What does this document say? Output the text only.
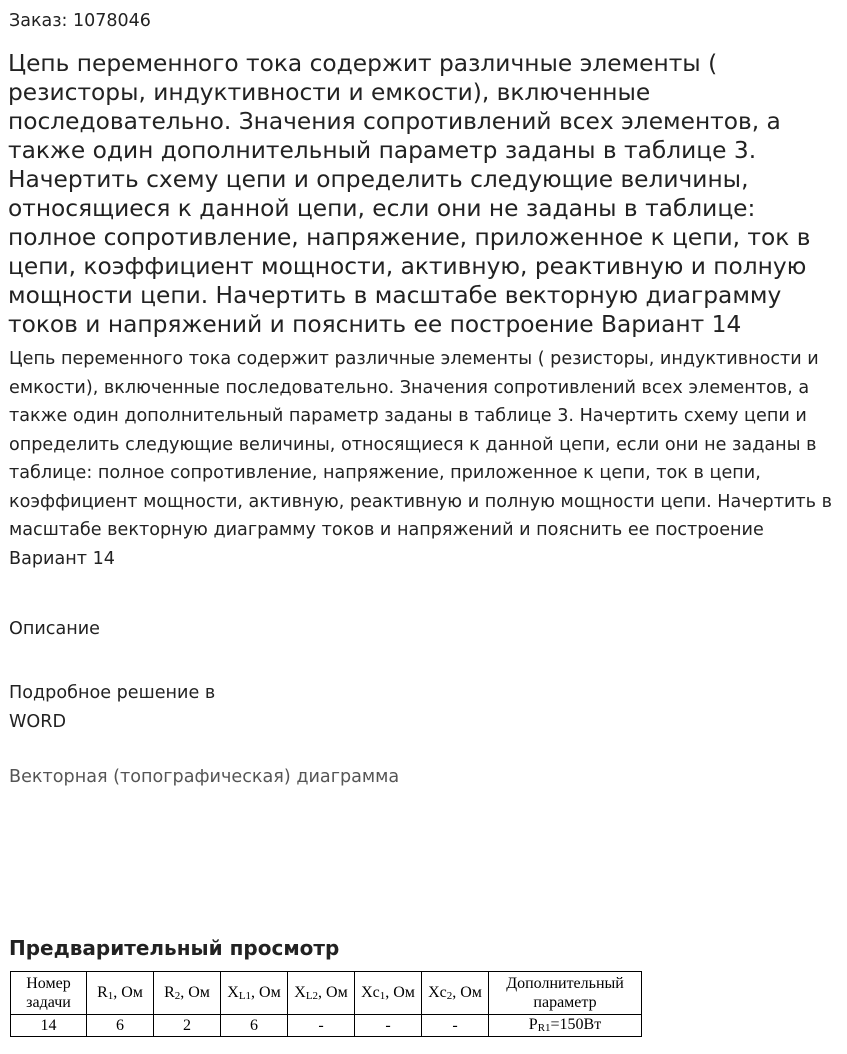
Заказ: 1078046

Цепь переменного тока содержит различные элементы ( резисторы, индуктивности и емкости), включенные последовательно. Значения сопротивлений всех элементов, а также один дополнительный параметр заданы в таблице 3. Начертить схему цепи и определить следующие величины, относящиеся к данной цепи, если они не заданы в таблице: полное сопротивление, напряжение, приложенное к цепи, ток в цепи, коэффициент мощности, активную, реактивную и полную мощности цепи. Начертить в масштабе векторную диаграмму токов и напряжений и пояснить ее построение Вариант 14

Цепь переменного тока содержит различные элементы ( резисторы, индуктивности и емкости), включенные последовательно. Значения сопротивлений всех элементов, а также один дополнительный параметр заданы в таблице 3. Начертить схему цепи и определить следующие величины, относящиеся к данной цепи, если они не заданы в таблице: полное сопротивление, напряжение, приложенное к цепи, ток в цепи, коэффициент мощности, активную, реактивную и полную мощности цепи. Начертить в масштабе векторную диаграмму токов и напряжений и пояснить ее построение Вариант 14

Описание

Подробное решение в WORD

Векторная (топографическая) диаграмма
Предварительный просмотр
Номер задачи	$R_1$, Ом	$R_2$, Ом	$X_{L1}$, Ом	$X_{L2}$, Ом	$Xc_1$, Ом	$Xc_2$, Ом	Дополнительный параметр
14	6	2	6	-	-	-	$P_{R1}=150Вт$
